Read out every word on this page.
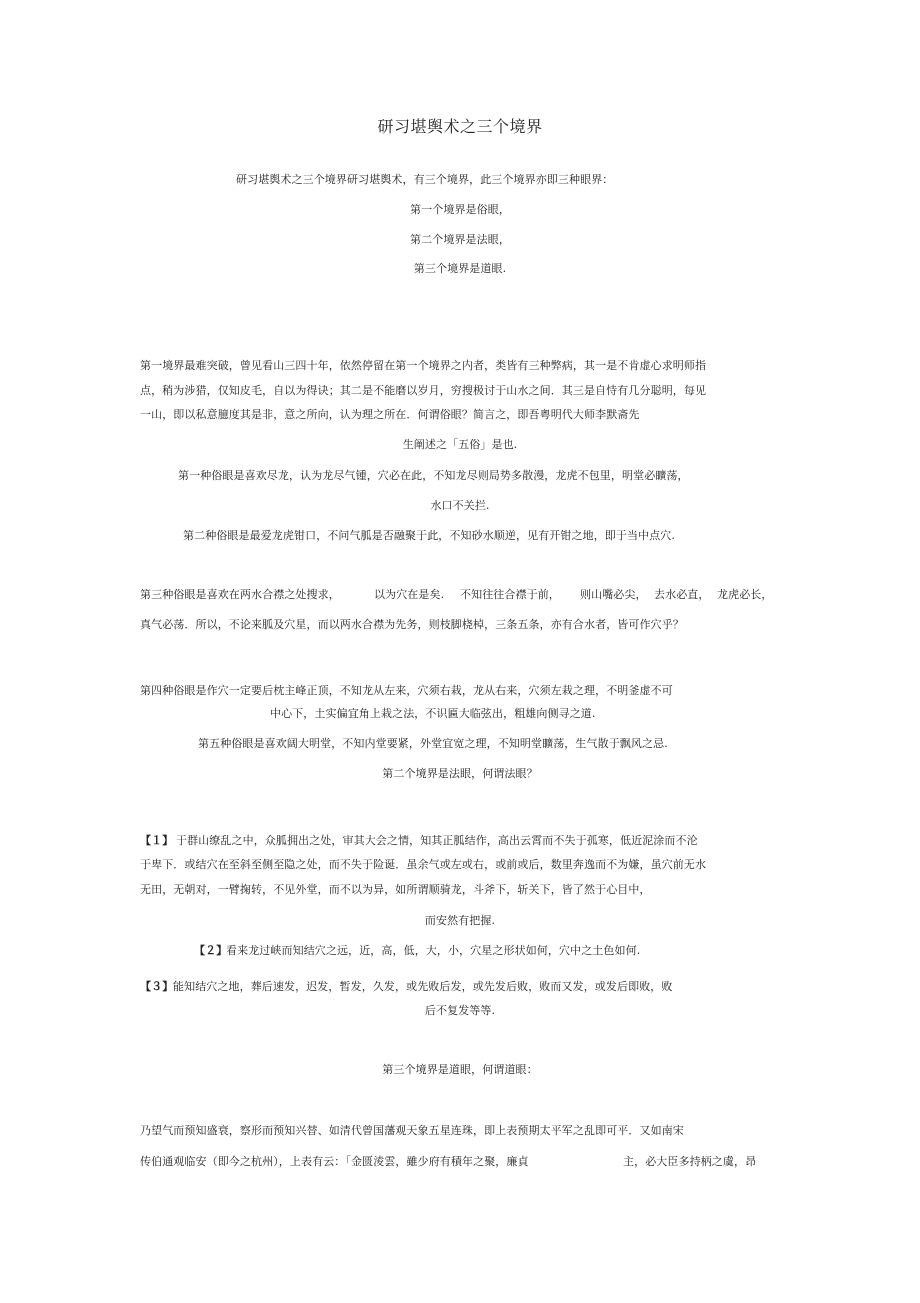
研习堪舆术之三个境界
研习堪舆术之三个境界研习堪舆术，有三个境界，此三个境界亦即三种眼界：
第一个境界是俗眼，
第二个境界是法眼，
第三个境界是道眼.
第一境界最难突破，曾见看山三四十年，依然停留在第一个境界之内者，类皆有三种弊病，其一是不肯虚心求明师指
点，稍为涉猎，仅知皮毛，自以为得诀；其二是不能磨以岁月，穷搜极讨于山水之间．其三是自恃有几分聪明，每见
一山，即以私意臆度其是非，意之所向，认为理之所在．何谓俗眼？简言之，即吾粤明代大师李默斋先
生阐述之「五俗」是也.
第一种俗眼是喜欢尽龙，认为龙尽气锺，穴必在此，不知龙尽则局势多散漫，龙虎不包里，明堂必矌荡，
水口不关拦.
第二种俗眼是最爱龙虎钳口，不问气胍是否融聚于此，不知砂水顺逆，见有开钳之地，即于当中点穴.
第三种俗眼是喜欢在两水合襟之处搜求，	以为穴在是矣. 不知往往合襟于前， 则山嘴必尖， 去水必直， 龙虎必长，
真气必荡．所以，不论来胍及穴星，而以两水合襟为先务，则枝脚桡棹，三条五条，亦有合水者，皆可作穴乎？
第四种俗眼是作穴一定要后枕主峰正顶，不知龙从左来，穴须右栽，龙从右来，穴须左栽之理，不明釜虚不可
中心下，土实偏宜角上栽之法，不识匾大临弦出，粗雄向侧寻之道.
第五种俗眼是喜欢阔大明堂，不知内堂要紧，外堂宜宽之理，不知明堂矌荡，生气散于飘风之忌.
第二个境界是法眼，何谓法眼？
【１】 于群山缭乱之中，众胍拥出之处，审其大会之情，知其正胍结作，高出云霄而不失于孤寒，低近泥涂而不沦
于卑下．或结穴在至斜至侧至隐之处，而不失于险诞．虽余气或左或右，或前或后，数里奔逸而不为嫌，虽穴前无水
无田，无朝对，一臂掬转，不见外堂，而不以为异，如所谓顺骑龙，斗斧下，斩关下，皆了然于心目中，
而安然有把握.
【２】
看来龙过峡而知结穴之远，近，高，低，大，小，穴星之形状如何，穴中之土色如何.
【３】 能知结穴之地，葬后速发，迟发，暂发，久发，或先败后发，或先发后败，败而又发，或发后即败，败
后不复发等等.
第三个境界是道眼，何谓道眼：
乃望气而预知盛衰，察形而预知兴替、如清代曾国藩观天象五星连珠，即上表预期太平军之乱即可平．又如南宋
传伯通观临安（即今之杭州），上表有云：「金匮淩雲，雖少府有積年之聚，廉貞	主，必大臣多持柄之虞，昂
